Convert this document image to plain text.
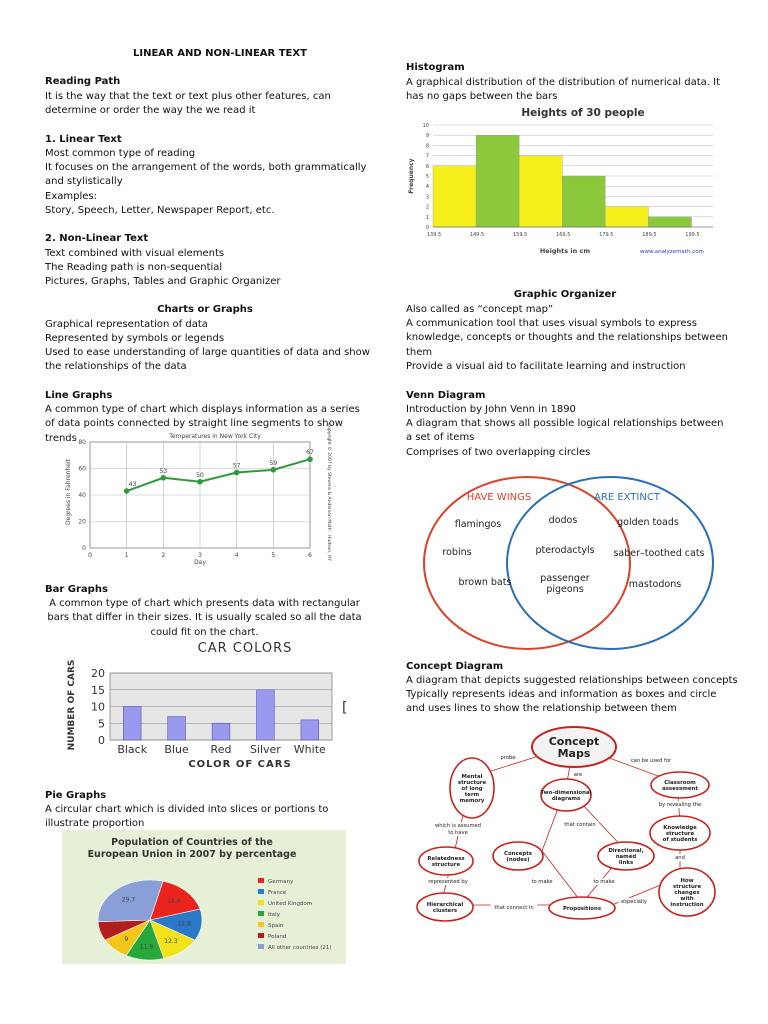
LINEAR AND NON-LINEAR TEXT
Reading Path
It is the way that the text or text plus other features, can determine or order the way the we read it
1. Linear Text
Most common type of reading
It focuses on the arrangement of the words, both grammatically and stylistically
Examples:
Story, Speech, Letter, Newspaper Report, etc.
2. Non-Linear Text
Text combined with visual elements
The Reading path is non-sequential
Pictures, Graphs, Tables and Graphic Organizer
Charts or Graphs
Graphical representation of data
Represented by symbols or legends
Used to ease understanding of large quantities of data and show the relationships of the data
Line Graphs
A common type of chart which displays information as a series of data points connected by straight line segments to show trends
Bar Graphs
A common type of chart which presents data with rectangular bars that differ in their sizes. It is usually scaled so all the data could fit on the chart.
Pie Graphs
A circular chart which is divided into slices or portions to illustrate proportion
Temperatures in New York City
Degrees in Fahrenheit
Day
Copyright © 2007 by Stevens & Anderson Math - Hudson, NY
0
20
40
60
80
0	1	2	3	4	5	6
43
53
50
57	59
67
CAR COLORS
NUMBER OF CARS
COLOR OF CARS
[
0
5
10
15
20
Black Blue Red Silver White
Population of Countries of the
European Union in 2007 by percentage
16.6
12.8
12.3
11.9
9
7.7
29.7
Germany
France
United Kingdom
Italy
Spain
Poland
All other countries (21)
Histogram
A graphical distribution of the distribution of numerical data. It has no gaps between the bars
Graphic Organizer
Also called as “concept map”
A communication tool that uses visual symbols to express knowledge, concepts or thoughts and the relationships between them
Provide a visual aid to facilitate learning and instruction
Venn Diagram
Introduction by John Venn in 1890
A diagram that shows all possible logical relationships between a set of items
Comprises of two overlapping circles
Concept Diagram
A diagram that depicts suggested relationships between concepts
Typically represents ideas and information as boxes and circle and uses lines to show the relationship between them
Heights of 30 people
Frequency
Heights in cm	www.analyzemath.com
0
1
2
3
4
5
6
7
8
9
10
139.5	149.5	159.5	169.5	179.5	189.5	199.5
HAVE WINGS	ARE EXTINCT
flamingos
robins
brown bats
dodos
pterodactyls
passenger
pigeons
golden toads
saber–toothed cats
mastodons
Concept
Maps
Mental
structure
of long
term
memory
Two-dimensional
diagrams
Classroom
assessment
Knowledge
structure
of students
Relatedness
structure
Concepts
(nodes)
Directional,
named
links
How
structure
changes
with
instruction
Hierarchical
clusters	Propositions
probe
are
can be used for
by revealing the
which is assumed
to have
that contain
and
represented by	to make	to make
especially
that connect in
